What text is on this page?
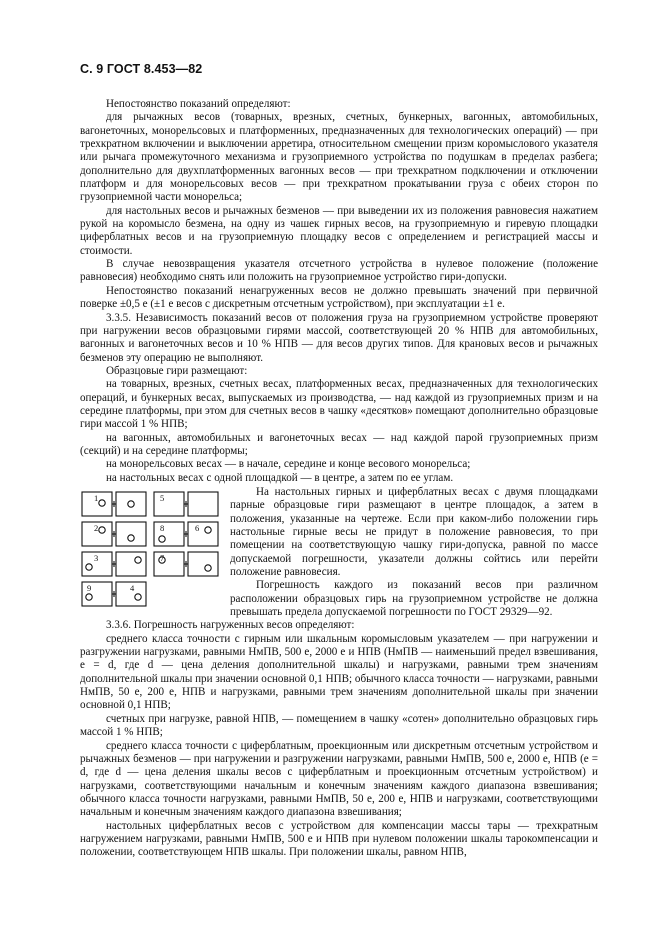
С. 9 ГОСТ 8.453—82

Непостоянство показаний определяют:

для рычажных весов (товарных, врезных, счетных, бункерных, вагонных, автомобильных, вагонеточных, монорельсовых и платформенных, предназначенных для технологических операций) — при трехкратном включении и выключении арретира, относительном смещении призм коромыслового указателя или рычага промежуточного механизма и грузоприемного устройства по подушкам в пределах разбега; дополнительно для двухплатформенных вагонных весов — при трехкратном подключении и отключении платформ и для монорельсовых весов — при трехкратном прокатывании груза с обеих сторон по грузоприемной части монорельса;

для настольных весов и рычажных безменов — при выведении их из положения равновесия нажатием рукой на коромысло безмена, на одну из чашек гирных весов, на грузоприемную и гиревую площадки циферблатных весов и на грузоприемную площадку весов с определением и регистрацией массы и стоимости.

В случае невозвращения указателя отсчетного устройства в нулевое положение (положение равновесия) необходимо снять или положить на грузоприемное устройство гири-допуски.

Непостоянство показаний ненагруженных весов не должно превышать значений при первичной поверке ±0,5 е (±1 е весов с дискретным отсчетным устройством), при эксплуатации ±1 е.

3.3.5. Независимость показаний весов от положения груза на грузоприемном устройстве проверяют при нагружении весов образцовыми гирями массой, соответствующей 20 % НПВ для автомобильных, вагонных и вагонеточных весов и 10 % НПВ — для весов других типов. Для крановых весов и рычажных безменов эту операцию не выполняют.

Образцовые гири размещают:

на товарных, врезных, счетных весах, платформенных весах, предназначенных для технологических операций, и бункерных весах, выпускаемых из производства, — над каждой из грузоприемных призм и на середине платформы, при этом для счетных весов в чашку «десятков» помещают дополнительно образцовые гири массой 1 % НПВ;

на вагонных, автомобильных и вагонеточных весах — над каждой парой грузоприемных призм (секций) и на середине платформы;

на монорельсовых весах — в начале, середине и конце весового монорельса;

на настольных весах с одной площадкой — в центре, а затем по ее углам.

1
2
3
4
5
6
7
8
9

На настольных гирных и циферблатных весах с двумя площадками парные образцовые гири размещают в центре площадок, а затем в положения, указанные на чертеже. Если при каком-либо положении гирь настольные гирные весы не придут в положение равновесия, то при помещении на соответствующую чашку гири-допуска, равной по массе допускаемой погрешности, указатели должны сойтись или перейти положение равновесия.

Погрешность каждого из показаний весов при различном расположении образцовых гирь на грузоприемном устройстве не должна превышать предела допускаемой погрешности по ГОСТ 29329—92.

3.3.6. Погрешность нагруженных весов определяют:

среднего класса точности с гирным или шкальным коромысловым указателем — при нагружении и разгружении нагрузками, равными НмПВ, 500 е, 2000 е и НПВ (НмПВ — наименьший предел взвешивания, е = d, где d — цена деления дополнительной шкалы) и нагрузками, равными трем значениям дополнительной шкалы при значении основной 0,1 НПВ; обычного класса точности — нагрузками, равными НмПВ, 50 е, 200 е, НПВ и нагрузками, равными трем значениям дополнительной шкалы при значении основной 0,1 НПВ;

счетных при нагрузке, равной НПВ, — помещением в чашку «сотен» дополнительно образцовых гирь массой 1 % НПВ;

среднего класса точности с циферблатным, проекционным или дискретным отсчетным устройством и рычажных безменов — при нагружении и разгружении нагрузками, равными НмПВ, 500 е, 2000 е, НПВ (е = d, где d — цена деления шкалы весов с циферблатным и проекционным отсчетным устройством) и нагрузками, соответствующими начальным и конечным значениям каждого диапазона взвешивания; обычного класса точности нагрузками, равными НмПВ, 50 е, 200 е, НПВ и нагрузками, соответствующими начальным и конечным значениям каждого диапазона взвешивания;

настольных циферблатных весов с устройством для компенсации массы тары — трехкратным нагружением нагрузками, равными НмПВ, 500 е и НПВ при нулевом положении шкалы тарокомпенсации и положении, соответствующем НПВ шкалы. При положении шкалы, равном НПВ,
